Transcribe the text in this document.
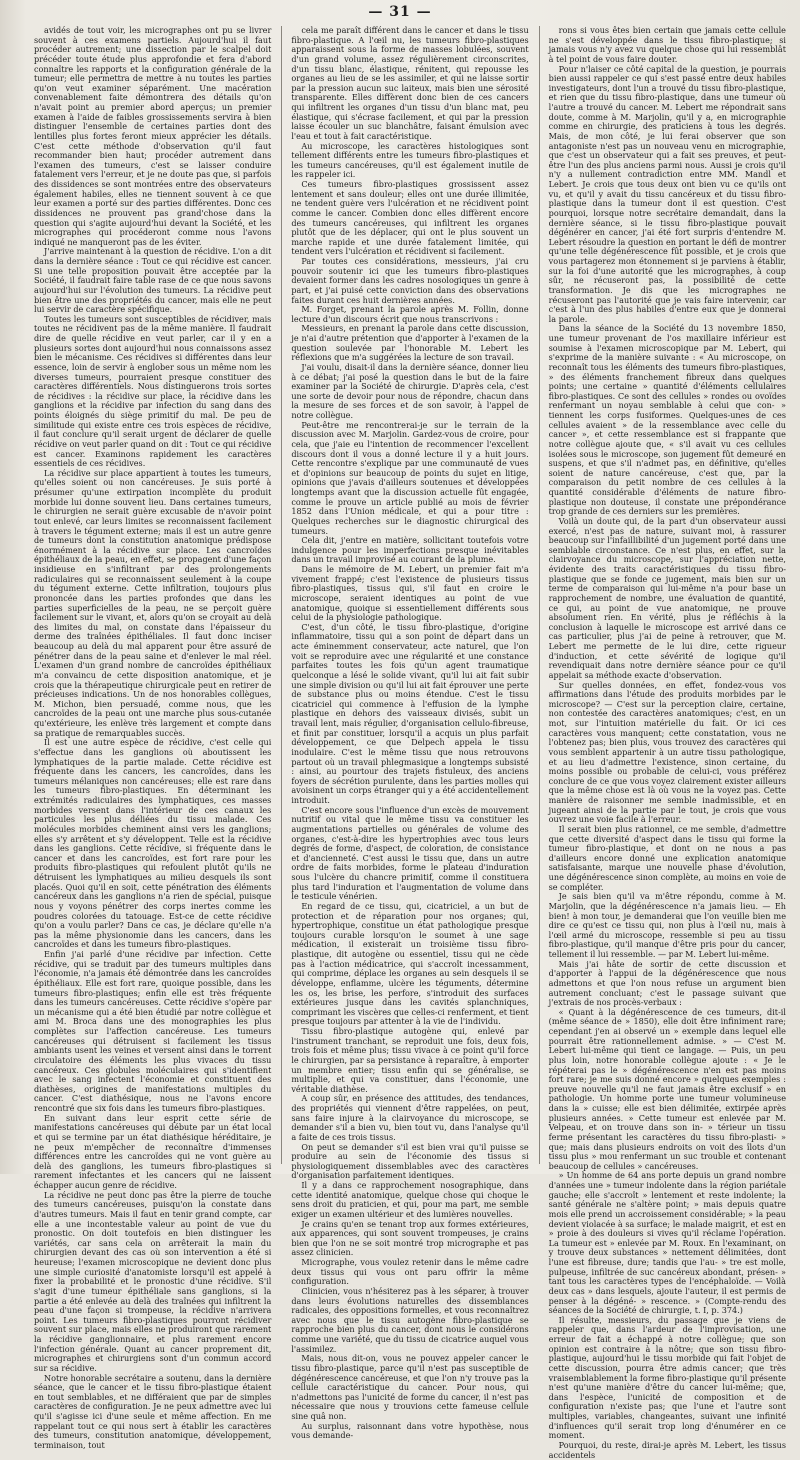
— 31 —

avidés de tout voir, les micrographes ont pu se livrer souvent à ces examens partiels. Aujourd'hui il faut procéder autrement; une dissection par le scalpel doit précéder toute étude plus approfondie et fera d'abord connaître les rapports et la configuration générale de la tumeur; elle permettra de mettre à nu toutes les parties qu'on veut examiner séparément. Une macération convenablement faite démontrera des détails qu'on n'avait point au premier abord aperçus; un premier examen à l'aide de faibles grossissements servira à bien distinguer l'ensemble de certaines parties dont des lentilles plus fortes feront mieux apprécier les détails. C'est cette méthode d'observation qu'il faut recommander bien haut; procéder autrement dans l'examen des tumeurs, c'est se laisser conduire fatalement vers l'erreur, et je ne doute pas que, si parfois des dissidences se sont montrées entre des observateurs également habiles, elles ne tiennent souvent à ce que leur examen a porté sur des parties différentes. Donc ces dissidences ne prouvent pas grand'chose dans la question qui s'agite aujourd'hui devant la Société, et les micrographes qui procéderont comme nous l'avons indiqué ne manqueront pas de les éviter.

J'arrive maintenant à la question de récidive. L'on a dit dans la dernière séance : Tout ce qui récidive est cancer. Si une telle proposition pouvait être acceptée par la Société, il faudrait faire table rase de ce que nous savons aujourd'hui sur l'évolution des tumeurs. La récidive peut bien être une des propriétés du cancer, mais elle ne peut lui servir de caractère spécifique.

Toutes les tumeurs sont susceptibles de récidiver, mais toutes ne récidivent pas de la même manière. Il faudrait dire de quelle récidive en veut parler, car il y en a plusieurs sortes dont aujourd'hui nous connaissons assez bien le mécanisme. Ces récidives si différentes dans leur essence, loin de servir à englober sous un même nom les diverses tumeurs, pourraient presque constituer des caractères différentiels. Nous distinguerons trois sortes de récidives : la récidive sur place, la récidive dans les ganglions et la récidive par infection du sang dans des points éloignés du siège primitif du mal. De peu de similitude qui existe entre ces trois espèces de récidive, il faut conclure qu'il serait urgent de déclarer de quelle récidive on veut parler quand on dit : Tout ce qui récidive est cancer. Examinons rapidement les caractères essentiels de ces récidives.

La récidive sur place appartient à toutes les tumeurs, qu'elles soient ou non cancéreuses. Je suis porté à présumer qu'une extirpation incomplète du produit morbide lui donne souvent lieu. Dans certaines tumeurs, le chirurgien ne serait guère excusable de n'avoir point tout enlevé, car leurs limites se reconnaissent facilement à travers le tégument externe; mais il est un autre genre de tumeurs dont la constitution anatomique prédispose énormément à la récidive sur place. Les cancroïdes épithéliaux de la peau, en effet, se propagent d'une façon insidieuse en s'infiltrant par des prolongements radiculaires qui se reconnaissent seulement à la coupe du tégument externe. Cette infiltration, toujours plus prononcée dans les parties profondes que dans les parties superficielles de la peau, ne se perçoit guère facilement sur le vivant, et, alors qu'on se croyait au delà des limites du mal, on constate dans l'épaisseur du derme des traînées épithéliales. Il faut donc inciser beaucoup au delà du mal apparent pour être assuré de pénétrer dans de la peau saine et d'enlever le mal réel. L'examen d'un grand nombre de cancroïdes épithéliaux m'a convaincu de cette disposition anatomique, et je crois que la thérapeutique chirurgicale peut en retirer de précieuses indications. Un de nos honorables collègues, M. Michon, bien persuadé, comme nous, que les cancroïdes de la peau ont une marche plus sous-cutanée qu'extérieure, les enlève très largement et compte dans sa pratique de remarquables succès.

Il est une autre espèce de récidive, c'est celle qui s'effectue dans les ganglions où aboutissent les lymphatiques de la partie malade. Cette récidive est fréquente dans les cancers, les cancroïdes, dans les tumeurs mélaniques non cancéreuses; elle est rare dans les tumeurs fibro-plastiques. En déterminant les extrémités radiculaires des lymphatiques, ces masses morbides versent dans l'intérieur de ces canaux les particules les plus déliées du tissu malade. Ces molécules morbides cheminent ainsi vers les ganglions; elles s'y arrêtent et s'y développent. Telle est la récidive dans les ganglions. Cette récidive, si fréquente dans le cancer et dans les cancroïdes, est fort rare pour les produits fibro-plastiques qui refoulent plutôt qu'ils ne détruisent les lymphatiques au milieu desquels ils sont placés. Quoi qu'il en soit, cette pénétration des éléments cancéreux dans les ganglions n'a rien de spécial, puisque nous y voyons pénétrer des corps inertes comme les poudres colorées du tatouage. Est-ce de cette récidive qu'on a voulu parler? Dans ce cas, je déclare qu'elle n'a pas la même physionomie dans les cancers, dans les cancroïdes et dans les tumeurs fibro-plastiques.

Enfin j'ai parlé d'une récidive par infection. Cette récidive, qui se traduit par des tumeurs multiples dans l'économie, n'a jamais été démontrée dans les cancroïdes épithéliaux. Elle est fort rare, quoique possible, dans les tumeurs fibro-plastiques; enfin elle est très fréquente dans les tumeurs cancéreuses. Cette récidive s'opère par un mécanisme qui a été bien étudié par notre collègue et ami M. Broca dans une des monographies les plus complètes sur l'affection cancéreuse. Les tumeurs cancéreuses qui détruisent si facilement les tissus ambiants usent les veines et versent ainsi dans le torrent circulatoire des éléments les plus vivaces du tissu cancéreux. Ces globules moléculaires qui s'identifient avec le sang infectent l'économie et constituent des diathèses, origines de manifestations multiples du cancer. C'est diathésique, nous ne l'avons encore rencontré que six fois dans les tumeurs fibro-plastiques.

En suivant dans leur esprit cette série de manifestations cancéreuses qui débute par un état local et qui se termine par un état diathésique héréditaire, je ne peux m'empêcher de reconnaître d'immenses différences entre les cancroïdes qui ne vont guère au delà des ganglions, les tumeurs fibro-plastiques si rarement infectantes et les cancers qui ne laissent échapper aucun genre de récidive.

La récidive ne peut donc pas être la pierre de touche des tumeurs cancéreuses, puisqu'on la constate dans d'autres tumeurs. Mais il faut en tenir grand compte, car elle a une incontestable valeur au point de vue du pronostic. On doit toutefois en bien distinguer les variétés, car sans cela on arrêterait la main du chirurgien devant des cas où son intervention a été si heureuse; l'examen microscopique ne devient donc plus une simple curiosité d'anatomiste lorsqu'il est appelé à fixer la probabilité et le pronostic d'une récidive. S'il s'agit d'une tumeur épithéliale sans ganglions, si la partie a été enlevée au delà des traînées qui infiltrent la peau d'une façon si trompeuse, la récidive n'arrivera point. Les tumeurs fibro-plastiques pourront récidiver souvent sur place, mais elles ne produiront que rarement la récidive ganglionnaire, et plus rarement encore l'infection générale. Quant au cancer proprement dit, micrographes et chirurgiens sont d'un commun accord sur sa récidive.

Notre honorable secrétaire a soutenu, dans la dernière séance, que le cancer et le tissu fibro-plastique étaient en tout semblables, et ne différaient que par de simples caractères de configuration. Je ne peux admettre avec lui qu'il s'agisse ici d'une seule et même affection. En me rappelant tout ce qui nous sert à établir les caractères des tumeurs, constitution anatomique, développement, terminaison, tout

cela me paraît différent dans le cancer et dans le tissu fibro-plastique. A l'œil nu, les tumeurs fibro-plastiques apparaissent sous la forme de masses lobulées, souvent d'un grand volume, assez régulièrement circonscrites, d'un tissu blanc, élastique, rénitent, qui repousse les organes au lieu de se les assimiler, et qui ne laisse sortir par la pression aucun suc laiteux, mais bien une sérosité transparente. Elles diffèrent donc bien de ces cancers qui infiltrent les organes d'un tissu d'un blanc mat, peu élastique, qui s'écrase facilement, et qui par la pression laisse écouler un suc blanchâtre, faisant émulsion avec l'eau et tout à fait caractéristique.

Au microscope, les caractères histologiques sont tellement différents entre les tumeurs fibro-plastiques et les tumeurs cancéreuses, qu'il est également inutile de les rappeler ici.

Ces tumeurs fibro-plastiques grossissent assez lentement et sans douleur; elles ont une durée illimitée, ne tendent guère vers l'ulcération et ne récidivent point comme le cancer. Combien donc elles diffèrent encore des tumeurs cancéreuses, qui infiltrent les organes plutôt que de les déplacer, qui ont le plus souvent un marche rapide et une durée fatalement limitée, qui tendent vers l'ulcération et récidivent si facilement.

Par toutes ces considérations, messieurs, j'ai cru pouvoir soutenir ici que les tumeurs fibro-plastiques devaient former dans les cadres nosologiques un genre à part, et j'ai puisé cette conviction dans des observations faites durant ces huit dernières années.

M. Forget, prenant la parole après M. Follin, donne lecture d'un discours écrit que nous transcrivons :

Messieurs, en prenant la parole dans cette discussion, je n'ai d'autre prétention que d'apporter à l'examen de la question soulevée par l'honorable M. Lebert les réflexions que m'a suggérées la lecture de son travail.

J'ai voulu, disait-il dans la dernière séance, donner lieu à ce débat; j'ai posé la question dans le but de la faire examiner par la Société de chirurgie. D'après cela, c'est une sorte de devoir pour nous de répondre, chacun dans la mesure de ses forces et de son savoir, à l'appel de notre collègue.

Peut-être me rencontrerai-je sur le terrain de la discussion avec M. Marjolin. Gardez-vous de croire, pour cela, que j'aie eu l'intention de recommencer l'excellent discours dont il vous a donné lecture il y a huit jours. Cette rencontre s'explique par une communauté de vues et d'opinions sur beaucoup de points du sujet en litige, opinions que j'avais d'ailleurs soutenues et développées longtemps avant que la discussion actuelle fût engagée, comme le prouve un article publié au mois de février 1852 dans l'Union médicale, et qui a pour titre : Quelques recherches sur le diagnostic chirurgical des tumeurs.

Cela dit, j'entre en matière, sollicitant toutefois votre indulgence pour les imperfections presque inévitables dans un travail improvisé au courant de la plume.

Dans le mémoire de M. Lebert, un premier fait m'a vivement frappé; c'est l'existence de plusieurs tissus fibro-plastiques, tissus qui, s'il faut en croire le microscope, seraient identiques au point de vue anatomique, quoique si essentiellement différents sous celui de la physiologie pathologique.

C'est, d'un côté, le tissu fibro-plastique, d'origine inflammatoire, tissu qui a son point de départ dans un acte éminemment conservateur, acte naturel, que l'on voit se reproduire avec une régularité et une constance parfaites toutes les fois qu'un agent traumatique quelconque a lésé le solide vivant, qu'il lui ait fait subir une simple division ou qu'il lui ait fait éprouver une perte de substance plus ou moins étendue. C'est le tissu cicatriciel qui commence à l'effusion de la lymphe plastique en dehors des vaisseaux divisés, subit un travail lent, mais régulier, d'organisation cellulo-fibreuse, et finit par constituer, lorsqu'il a acquis un plus parfait développement, ce que Delpech appela le tissu inodulaire. C'est le même tissu que nous retrouvons partout où un travail phlegmasique a longtemps subsisté : ainsi, au pourtour des trajets fistuleux, des anciens foyers de sécrétion purulente, dans les parties molles qui avoisinent un corps étranger qui y a été accidentellement introduit.

C'est encore sous l'influence d'un excès de mouvement nutritif ou vital que le même tissu va constituer les augmentations partielles ou générales de volume des organes, c'est-à-dire les hypertrophies avec tous leurs degrés de forme, d'aspect, de coloration, de consistance et d'ancienneté. C'est aussi le tissu que, dans un autre ordre de faits morbides, forme le plateau d'induration sous l'ulcère du chancre primitif, comme il constituera plus tard l'induration et l'augmentation de volume dans le testicule vénérien.

En regard de ce tissu, qui, cicatriciel, a un but de protection et de réparation pour nos organes; qui, hypertrophique, constitue un état pathologique presque toujours curable lorsqu'on le soumet à une sage médication, il existerait un troisième tissu fibro-plastique, dit autogène ou essentiel, tissu qui ne cède pas à l'action médicatrice, qui s'accroît incessamment, qui comprime, déplace les organes au sein desquels il se développe, enflamme, ulcère les téguments, détermine les os, les brise, les perfore, s'introduit des surfaces extérieures jusque dans les cavités splanchniques, comprimant les viscères que celles-ci renferment, et tient presque toujours par attenter à la vie de l'individu.

Tissu fibro-plastique autogène qui, enlevé par l'instrument tranchant, se reproduit une fois, deux fois, trois fois et même plus; tissu vivace à ce point qu'il force le chirurgien, par sa persistance à reparaître, à emporter un membre entier; tissu enfin qui se généralise, se multiplie, et qui va constituer, dans l'économie, une véritable diathèse.

A coup sûr, en présence des attitudes, des tendances, des propriétés qui viennent d'être rappelées, on peut, sans faire injure à la clairvoyance du microscope, se demander s'il a bien vu, bien tout vu, dans l'analyse qu'il a faite de ces trois tissus.

On peut se demander s'il est bien vrai qu'il puisse se produire au sein de l'économie des tissus si physiologiquement dissemblables avec des caractères d'organisation parfaitement identiques.

Il y a dans ce rapprochement nosographique, dans cette identité anatomique, quelque chose qui choque le sens droit du praticien, et qui, pour ma part, me semble exiger un examen ultérieur et des lumières nouvelles.

Je crains qu'en se tenant trop aux formes extérieures, aux apparences, qui sont souvent trompeuses, je crains bien que l'on ne se soit montré trop micrographe et pas assez clinicien.

Micrographe, vous voulez retenir dans le même cadre deux tissus qui vous ont paru offrir la même configuration.

Clinicien, vous n'hésiterez pas à les séparer, à trouver dans leurs évolutions naturelles des dissemblances radicales, des oppositions formelles, et vous reconnaîtrez avec nous que le tissu autogène fibro-plastique se rapproche bien plus du cancer, dont nous le considérons comme une variété, que du tissu de cicatrice auquel vous l'assimilez.

Mais, nous dit-on, vous ne pouvez appeler cancer le tissu fibro-plastique, parce qu'il n'est pas susceptible de dégénérescence cancéreuse, et que l'on n'y trouve pas la cellule caractéristique du cancer. Pour nous, qui n'admettons pas l'unicité de forme du cancer, il n'est pas nécessaire que nous y trouvions cette fameuse cellule sine quâ non.

Au surplus, raisonnant dans votre hypothèse, nous vous demande-

rons si vous êtes bien certain que jamais cette cellule ne s'est développée dans le tissu fibro-plastique; si jamais vous n'y avez vu quelque chose qui lui ressemblât à tel point de vous faire douter.

Pour n'laiser ce côté capital de la question, je pourrais bien aussi rappeler ce qui s'est passé entre deux habiles investigateurs, dont l'un a trouvé du tissu fibro-plastique, et rien que du tissu fibro-plastique, dans une tumeur où l'autre a trouvé du cancer. M. Lebert me répondrait sans doute, comme à M. Marjolin, qu'il y a, en micrographie comme en chirurgie, des praticiens à tous les degrés. Mais, de mon côté, je lui ferai observer que son antagoniste n'est pas un nouveau venu en micrographie, que c'est un observateur qui a fait ses preuves, et peut-être l'un des plus anciens parmi nous. Aussi je crois qu'il n'y a nullement contradiction entre MM. Mandl et Lebert. Je crois que tous deux ont bien vu ce qu'ils ont vu, et qu'il y avait du tissu cancéreux et du tissu fibro-plastique dans la tumeur dont il est question. C'est pourquoi, lorsque notre secrétaire demandait, dans la dernière séance, si le tissu fibro-plastique pouvait dégénérer en cancer, j'ai été fort surpris d'entendre M. Lebert résoudre la question en portant le défi de montrer qu'une telle dégénérescence fût possible, et je crois que vous partagerez mon étonnement si je parviens à établir, sur la foi d'une autorité que les micrographes, à coup sûr, ne récuseront pas, la possibilité de cette transformation. Je dis que les micrographes ne récuseront pas l'autorité que je vais faire intervenir, car c'est à l'un des plus habiles d'entre eux que je donnerai la parole.

Dans la séance de la Société du 13 novembre 1850, une tumeur provenant de l'os maxillaire inférieur est soumise à l'examen microscopique par M. Lebert, qui s'exprime de la manière suivante : « Au microscope, on reconnaît tous les éléments des tumeurs fibro-plastiques, » des éléments franchement fibreux dans quelques points; une certaine » quantité d'éléments cellulaires fibro-plastiques. Ce sont des cellules » rondes ou ovoïdes renfermant un noyau semblable à celui que con- » tiennent les corps fusiformes. Quelques-unes de ces cellules avaient » de la ressemblance avec celle du cancer », et cette ressemblance est si frappante que notre collègue ajoute que, « s'il avait vu ces cellules isolées sous le microscope, son jugement fût demeuré en suspens, et que s'il n'admet pas, en définitive, qu'elles soient de nature cancéreuse, c'est que, par la comparaison du petit nombre de ces cellules à la quantité considérable d'éléments de nature fibro-plastique non douteuse, il constate une prépondérance trop grande de ces derniers sur les premières.

Voilà un doute qui, de la part d'un observateur aussi exercé, n'est pas de nature, suivant moi, à rassurer beaucoup sur l'infaillibilité d'un jugement porté dans une semblable circonstance. Ce n'est plus, en effet, sur la clairvoyance du microscope, sur l'appréciation nette, évidente des traits caractéristiques du tissu fibro-plastique que se fonde ce jugement, mais bien sur un terme de comparaison qui lui-même n'a pour base un rapprochement de nombre, une évaluation de quantité, ce qui, au point de vue anatomique, ne prouve absolument rien. En vérité, plus je réfléchis à la conclusion à laquelle le microscope est arrivé dans ce cas particulier, plus j'ai de peine à retrouver, que M. Lebert me permette de le lui dire, cette rigueur d'induction, et cette sévérité de logique qu'il revendiquait dans notre dernière séance pour ce qu'il appelait sa méthode exacte d'observation.

Sur quelles données, en effet, fondez-vous vos affirmations dans l'étude des produits morbides par le microscope? — C'est sur la perception claire, certaine, non contestée des caractères anatomiques; c'est, en un mot, sur l'intuition matérielle du fait. Or ici ces caractères vous manquent; cette constatation, vous ne l'obtenez pas; bien plus, vous trouvez des caractères qui vous semblent appartenir à un autre tissu pathologique, et au lieu d'admettre l'existence, sinon certaine, du moins possible ou probable de celui-ci, vous préférez conclure de ce que vous voyez clairement exister ailleurs que la même chose est là où vous ne la voyez pas. Cette manière de raisonner me semble inadmissible, et en jugeant ainsi de la partie par le tout, je crois que vous ouvrez une voie facile à l'erreur.

Il serait bien plus rationnel, ce me semble, d'admettre que cette diversité d'aspect dans le tissu qui forme la tumeur fibro-plastique, et dont on ne nous a pas d'ailleurs encore donné une explication anatomique satisfaisante, marque une nouvelle phase d'évolution, une dégénérescence sinon complète, au moins en voie de se compléter.

Je sais bien qu'il va m'être répondu, comme à M. Marjolin, que la dégénérescence n'a jamais lieu. — Eh bien! à mon tour, je demanderai que l'on veuille bien me dire ce qu'est ce tissu qui, non plus à l'œil nu, mais à l'œil armé du microscope, ressemble si peu au tissu fibro-plastique, qu'il manque d'être pris pour du cancer, tellement il lui ressemble. — par M. Lebert lui-même.

Mais j'ai hâte de sortir de cette discussion et d'apporter à l'appui de la dégénérescence que nous admettons et que l'on nous refuse un argument bien autrement concluant; c'est le passage suivant que j'extrais de nos procès-verbaux :

« Quant à la dégénérescence de ces tumeurs, dit-il (même séance de » 1850), elle doit être infiniment rare; cependant j'en ai observé un » exemple dans lequel elle pourrait être rationnellement admise. » — C'est M. Lebert lui-même qui tient ce langage. — Puis, un peu plus loin, notre honorable collègue ajoute : « Je le répéterai pas le » dégénérescence n'en est pas moins fort rare; je me suis donné encore » quelques exemples : preuve nouvelle qu'il ne faut jamais être exclusif » en pathologie. Un homme porte une tumeur volumineuse dans la » cuisse; elle est bien délimitée, extirpée après plusieurs années. » Cette tumeur est enlevée par M. Velpeau, et on trouve dans son in- » térieur un tissu ferme présentant les caractères du tissu fibro-plasti- » que; mais dans plusieurs endroits on voit des îlots d'un tissu plus » mou renfermant un suc trouble et contenant beaucoup de cellules » cancéreuses.

» Un homme de 64 ans porte depuis un grand nombre d'années une » tumeur indolente dans la région pariétale gauche; elle s'accroît » lentement et reste indolente; la santé générale ne s'altère point; » mais depuis quatre mois elle prend un accroissement considérable; » la peau devient violacée à sa surface; le malade maigrit, et est en » proie à des douleurs si vives qu'il réclame l'opération. La tumeur est » enlevée par M. Roux. En l'examinant, on y trouve deux substances » nettement délimitées, dont l'une est fibreuse, dure; tandis que l'au- » tre est molle, pulpeuse, infiltrée de suc cancéreux abondant, présen- » tant tous les caractères types de l'encéphaloïde. — Voilà deux cas » dans lesquels, ajoute l'auteur, il est permis de penser à la dégéné- » rescence. » (Compte-rendu des séances de la Société de chirurgie, t. I, p. 374.)

Il résulte, messieurs, du passage que je viens de rappeler que, dans l'ardeur de l'improvisation, une erreur de fait a échappé à notre collègue; que son opinion est contraire à la nôtre; que son tissu fibro-plastique, aujourd'hui le tissu morbide qui fait l'objet de cette discussion, pourra être admis cancer; que très vraisemblablement la forme fibro-plastique qu'il présente n'est qu'une manière d'être du cancer lui-même; que, dans l'espèce, l'unicité de composition et de configuration n'existe pas; que l'une et l'autre sont multiples, variables, changeantes, suivant une infinité d'influences qu'il serait trop long d'énumérer en ce moment.

Pourquoi, du reste, dirai-je après M. Lebert, les tissus accidentels
